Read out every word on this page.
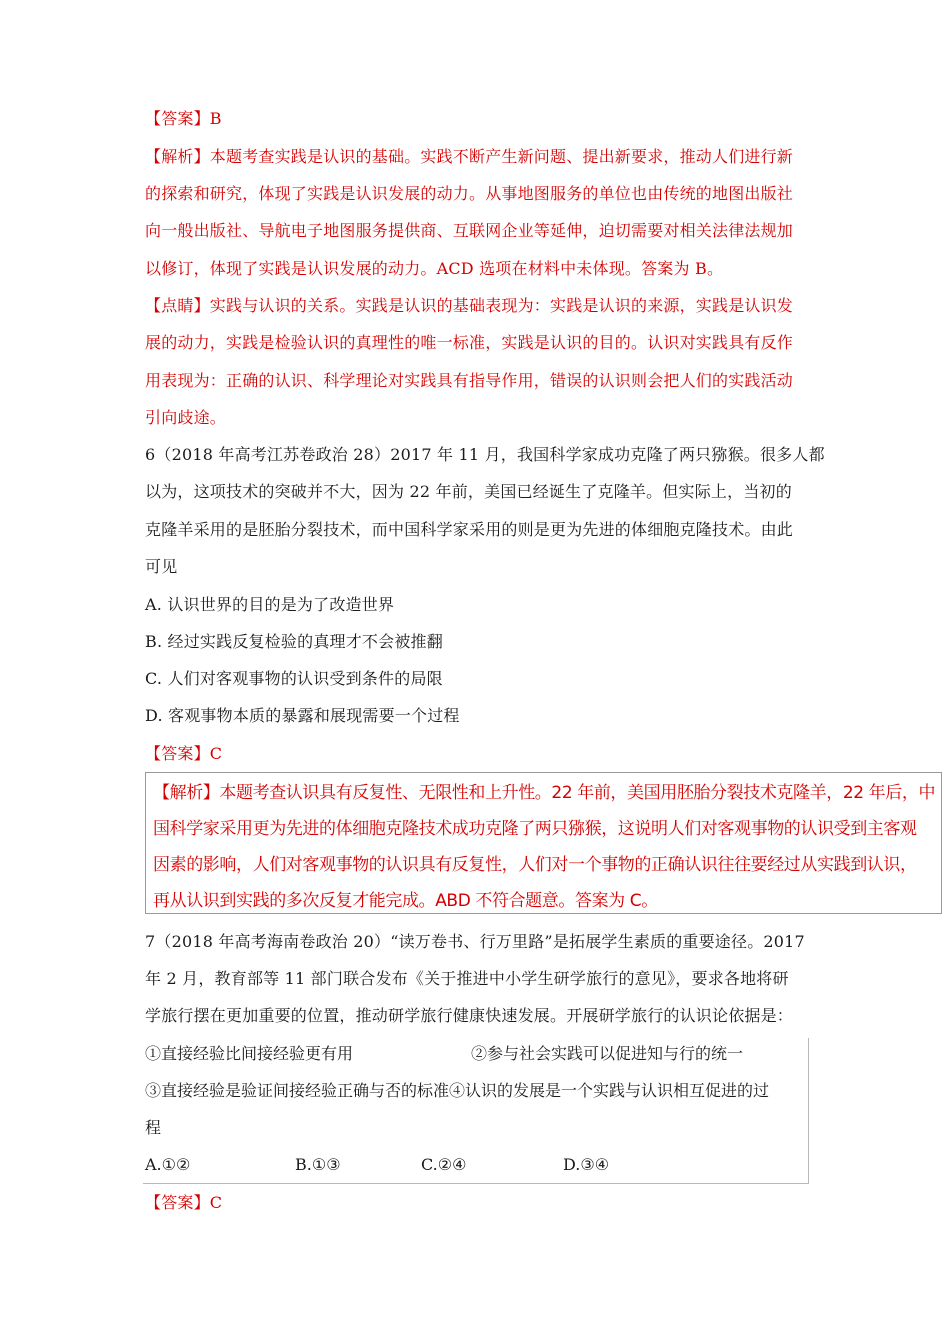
【答案】B
【解析】本题考查实践是认识的基础。实践不断产生新问题、提出新要求，推动人们进行新
的探索和研究，体现了实践是认识发展的动力。从事地图服务的单位也由传统的地图出版社
向一般出版社、导航电子地图服务提供商、互联网企业等延伸，迫切需要对相关法律法规加
以修订，体现了实践是认识发展的动力。ACD 选项在材料中未体现。答案为 B。
【点睛】实践与认识的关系。实践是认识的基础表现为：实践是认识的来源，实践是认识发
展的动力，实践是检验认识的真理性的唯一标准，实践是认识的目的。认识对实践具有反作
用表现为：正确的认识、科学理论对实践具有指导作用，错误的认识则会把人们的实践活动
引向歧途。
6（2018 年高考江苏卷政治 28）2017 年 11 月，我国科学家成功克隆了两只猕猴。很多人都
以为，这项技术的突破并不大，因为 22 年前，美国已经诞生了克隆羊。但实际上，当初的
克隆羊采用的是胚胎分裂技术，而中国科学家采用的则是更为先进的体细胞克隆技术。由此
可见
A. 认识世界的目的是为了改造世界
B. 经过实践反复检验的真理才不会被推翻
C. 人们对客观事物的认识受到条件的局限
D. 客观事物本质的暴露和展现需要一个过程
【答案】C
【解析】本题考查认识具有反复性、无限性和上升性。22 年前，美国用胚胎分裂技术克隆羊，22 年后，中
国科学家采用更为先进的体细胞克隆技术成功克隆了两只猕猴，这说明人们对客观事物的认识受到主客观
因素的影响，人们对客观事物的认识具有反复性，人们对一个事物的正确认识往往要经过从实践到认识，
再从认识到实践的多次反复才能完成。ABD 不符合题意。答案为 C。
7（2018 年高考海南卷政治 20）“读万卷书、行万里路”是拓展学生素质的重要途径。2017
年 2 月，教育部等 11 部门联合发布《关于推进中小学生研学旅行的意见》，要求各地将研
学旅行摆在更加重要的位置，推动研学旅行健康快速发展。开展研学旅行的认识论依据是：
①直接经验比间接经验更有用	②参与社会实践可以促进知与行的统一
③直接经验是验证间接经验正确与否的标准④认识的发展是一个实践与认识相互促进的过
程
A.①②	B.①③	C.②④	D.③④
【答案】C
